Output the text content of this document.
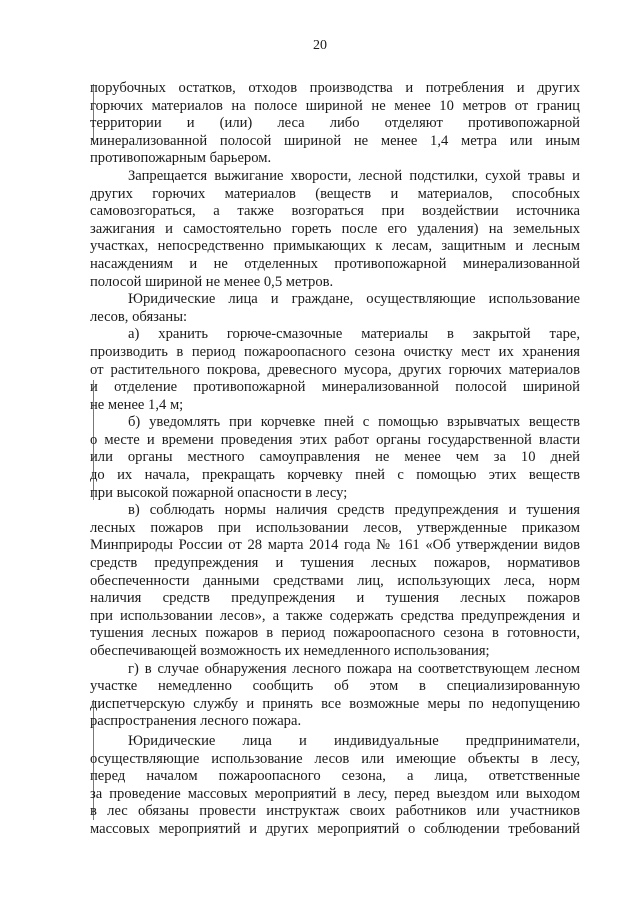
20
порубочных остатков, отходов производства и потребления и других
горючих материалов на полосе шириной не менее 10 метров от границ
территории и (или) леса либо отделяют противопожарной
минерализованной полосой шириной не менее 1,4 метра или иным
противопожарным барьером.
Запрещается выжигание хворости, лесной подстилки, сухой травы и
других горючих материалов (веществ и материалов, способных
самовозгораться, а также возгораться при воздействии источника
зажигания и самостоятельно гореть после его удаления) на земельных
участках, непосредственно примыкающих к лесам, защитным и лесным
насаждениям и не отделенных противопожарной минерализованной
полосой шириной не менее 0,5 метров.
Юридические лица и граждане, осуществляющие использование
лесов, обязаны:
а) хранить горюче-смазочные материалы в закрытой таре,
производить в период пожароопасного сезона очистку мест их хранения
от растительного покрова, древесного мусора, других горючих материалов
и отделение противопожарной минерализованной полосой шириной
не менее 1,4 м;
б) уведомлять при корчевке пней с помощью взрывчатых веществ
о месте и времени проведения этих работ органы государственной власти
или органы местного самоуправления не менее чем за 10 дней
до их начала, прекращать корчевку пней с помощью этих веществ
при высокой пожарной опасности в лесу;
в) соблюдать нормы наличия средств предупреждения и тушения
лесных пожаров при использовании лесов, утвержденные приказом
Минприроды России от 28 марта 2014 года № 161 «Об утверждении видов
средств предупреждения и тушения лесных пожаров, нормативов
обеспеченности данными средствами лиц, использующих леса, норм
наличия средств предупреждения и тушения лесных пожаров
при использовании лесов», а также содержать средства предупреждения и
тушения лесных пожаров в период пожароопасного сезона в готовности,
обеспечивающей возможность их немедленного использования;
г) в случае обнаружения лесного пожара на соответствующем лесном
участке немедленно сообщить об этом в специализированную
диспетчерскую службу и принять все возможные меры по недопущению
распространения лесного пожара.
Юридические лица и индивидуальные предприниматели,
осуществляющие использование лесов или имеющие объекты в лесу,
перед началом пожароопасного сезона, а лица, ответственные
за проведение массовых мероприятий в лесу, перед выездом или выходом
в лес обязаны провести инструктаж своих работников или участников
массовых мероприятий и других мероприятий о соблюдении требований
